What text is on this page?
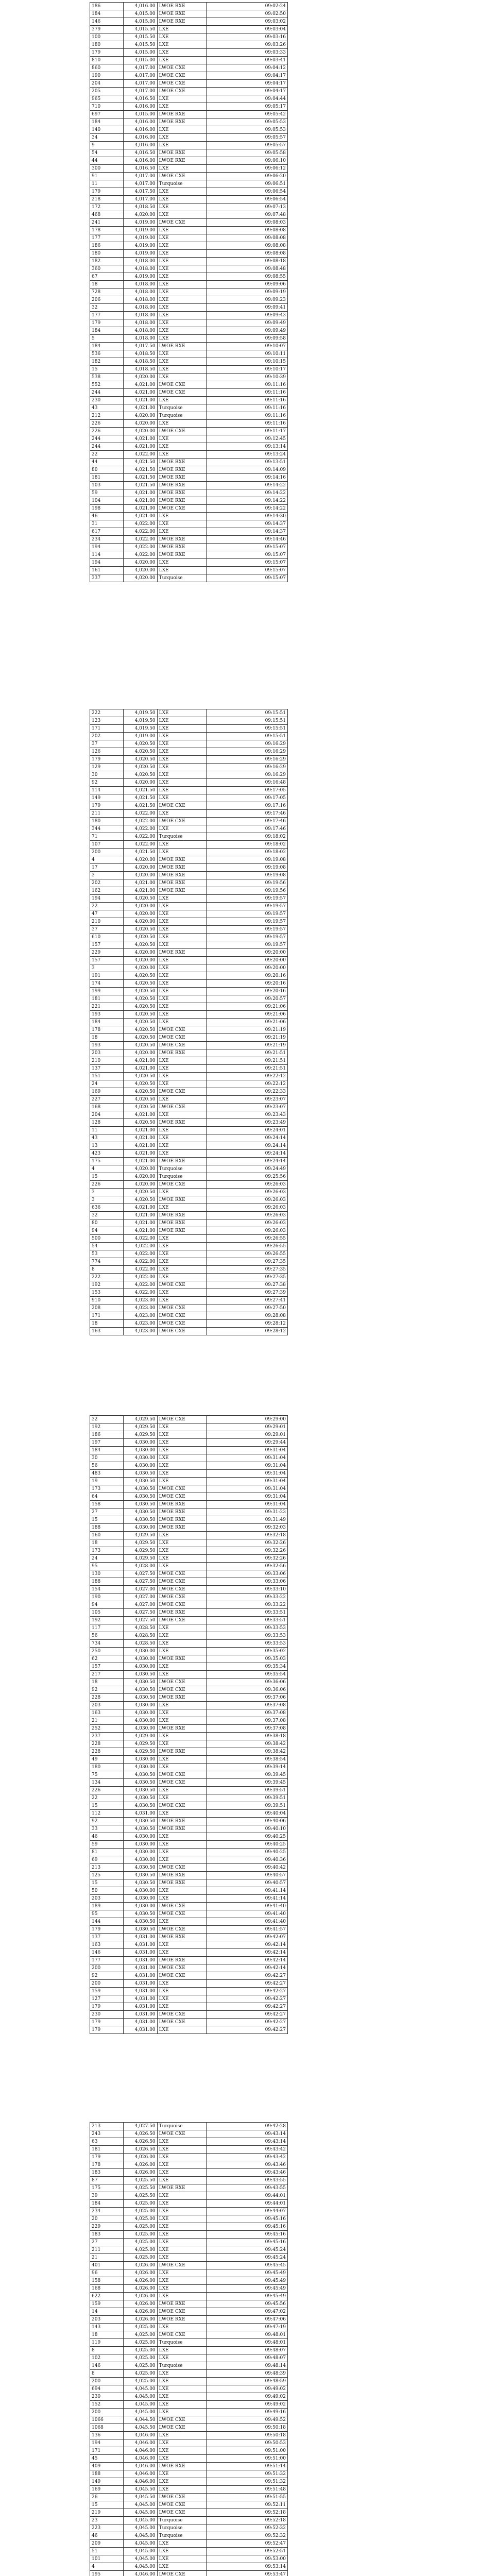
186	4,016.00	LWOE RXE	09:02:24
184	4,015.00	LWOE RXE	09:02:50
146	4,015.00	LWOE RXE	09:03:02
379	4,015.50	LXE	09:03:04
100	4,015.50	LXE	09:03:16
180	4,015.50	LXE	09:03:26
179	4,015.00	LXE	09:03:33
810	4,015.00	LXE	09:03:41
860	4,017.00	LWOE CXE	09:04:12
190	4,017.00	LWOE CXE	09:04:17
204	4,017.00	LWOE CXE	09:04:17
205	4,017.00	LWOE CXE	09:04:17
965	4,016.50	LXE	09:04:44
710	4,016.00	LXE	09:05:17
697	4,015.00	LWOE RXE	09:05:42
184	4,016.00	LWOE RXE	09:05:53
140	4,016.00	LXE	09:05:53
34	4,016.00	LXE	09:05:57
9	4,016.00	LXE	09:05:57
54	4,016.50	LWOE RXE	09:05:58
44	4,016.00	LWOE RXE	09:06:10
300	4,016.50	LXE	09:06:12
91	4,017.00	LWOE CXE	09:06:20
11	4,017.00	Turquoise	09:06:51
179	4,017.50	LXE	09:06:54
218	4,017.00	LXE	09:06:54
172	4,018.50	LXE	09:07:13
468	4,020.00	LXE	09:07:48
241	4,019.00	LWOE CXE	09:08:03
178	4,019.00	LXE	09:08:08
177	4,019.00	LXE	09:08:08
186	4,019.00	LXE	09:08:08
180	4,019.00	LXE	09:08:08
182	4,018.00	LXE	09:08:18
360	4,018.00	LXE	09:08:48
67	4,019.00	LXE	09:08:55
18	4,018.00	LXE	09:09:06
728	4,018.00	LXE	09:09:19
206	4,018.00	LXE	09:09:23
32	4,018.00	LXE	09:09:41
177	4,018.00	LXE	09:09:43
179	4,018.00	LXE	09:09:49
184	4,018.00	LXE	09:09:49
5	4,018.00	LXE	09:09:58
184	4,017.50	LWOE RXE	09:10:07
536	4,018.50	LXE	09:10:11
182	4,018.50	LXE	09:10:15
15	4,018.50	LXE	09:10:17
538	4,020.00	LXE	09:10:39
552	4,021.00	LWOE CXE	09:11:16
244	4,021.00	LWOE CXE	09:11:16
230	4,021.00	LXE	09:11:16
43	4,021.00	Turquoise	09:11:16
212	4,020.00	Turquoise	09:11:16
226	4,020.00	LXE	09:11:16
226	4,020.00	LWOE CXE	09:11:17
244	4,021.00	LXE	09:12:45
244	4,021.00	LXE	09:13:14
22	4,022.00	LXE	09:13:24
44	4,021.50	LWOE RXE	09:13:51
80	4,021.50	LWOE RXE	09:14:09
181	4,021.50	LWOE RXE	09:14:16
103	4,021.50	LWOE RXE	09:14:22
59	4,021.00	LWOE RXE	09:14:22
104	4,021.00	LWOE RXE	09:14:22
198	4,021.00	LWOE CXE	09:14:22
46	4,021.00	LXE	09:14:30
31	4,022.00	LXE	09:14:37
617	4,022.00	LXE	09:14:37
234	4,022.00	LWOE RXE	09:14:46
194	4,022.00	LWOE RXE	09:15:07
114	4,022.00	LWOE RXE	09:15:07
194	4,020.00	LXE	09:15:07
161	4,020.00	LXE	09:15:07
337	4,020.00	Turquoise	09:15:07
222	4,019.50	LXE	09:15:51
123	4,019.50	LXE	09:15:51
171	4,019.50	LXE	09:15:51
202	4,019.00	LXE	09:15:51
37	4,020.50	LXE	09:16:29
126	4,020.50	LXE	09:16:29
179	4,020.50	LXE	09:16:29
129	4,020.50	LXE	09:16:29
30	4,020.50	LXE	09:16:29
92	4,020.00	LXE	09:16:48
114	4,021.50	LXE	09:17:05
149	4,021.50	LXE	09:17:05
179	4,021.50	LWOE CXE	09:17:16
211	4,022.00	LXE	09:17:46
180	4,022.00	LWOE CXE	09:17:46
344	4,022.00	LXE	09:17:46
71	4,022.00	Turquoise	09:18:02
107	4,022.00	LXE	09:18:02
200	4,021.50	LXE	09:18:02
4	4,020.00	LWOE RXE	09:19:08
17	4,020.00	LWOE RXE	09:19:08
3	4,020.00	LWOE RXE	09:19:08
202	4,021.00	LWOE RXE	09:19:56
162	4,021.00	LWOE RXE	09:19:56
194	4,020.50	LXE	09:19:57
22	4,020.00	LXE	09:19:57
47	4,020.00	LXE	09:19:57
210	4,020.00	LXE	09:19:57
37	4,020.50	LXE	09:19:57
610	4,020.50	LXE	09:19:57
157	4,020.50	LXE	09:19:57
229	4,020.00	LWOE RXE	09:20:00
157	4,020.00	LXE	09:20:00
3	4,020.00	LXE	09:20:00
191	4,020.50	LXE	09:20:16
174	4,020.50	LXE	09:20:16
199	4,020.50	LXE	09:20:16
181	4,020.50	LXE	09:20:57
221	4,020.50	LXE	09:21:06
193	4,020.50	LXE	09:21:06
184	4,020.50	LXE	09:21:06
178	4,020.50	LWOE CXE	09:21:19
18	4,020.50	LWOE CXE	09:21:19
193	4,020.50	LWOE CXE	09:21:19
203	4,020.00	LWOE RXE	09:21:51
210	4,021.00	LXE	09:21:51
137	4,021.00	LXE	09:21:51
151	4,020.50	LXE	09:22:12
24	4,020.50	LXE	09:22:12
169	4,020.50	LWOE CXE	09:22:33
227	4,020.50	LXE	09:23:07
168	4,020.50	LWOE CXE	09:23:07
204	4,021.00	LXE	09:23:43
128	4,020.50	LWOE RXE	09:23:49
11	4,021.00	LXE	09:24:01
43	4,021.00	LXE	09:24:14
13	4,021.00	LXE	09:24:14
423	4,021.00	LXE	09:24:14
175	4,021.00	LWOE RXE	09:24:14
4	4,020.00	Turquoise	09:24:49
15	4,020.00	Turquoise	09:25:56
226	4,020.00	LWOE CXE	09:26:03
3	4,020.50	LXE	09:26:03
3	4,020.50	LWOE RXE	09:26:03
636	4,021.00	LXE	09:26:03
32	4,021.00	LWOE RXE	09:26:03
80	4,021.00	LWOE RXE	09:26:03
94	4,021.00	LWOE RXE	09:26:03
500	4,022.00	LXE	09:26:55
54	4,022.00	LXE	09:26:55
53	4,022.00	LXE	09:26:55
774	4,022.00	LXE	09:27:35
8	4,022.00	LXE	09:27:35
222	4,022.00	LXE	09:27:35
192	4,022.00	LWOE CXE	09:27:38
153	4,022.00	LXE	09:27:39
910	4,023.00	LXE	09:27:41
208	4,023.00	LWOE CXE	09:27:50
171	4,023.00	LWOE CXE	09:28:08
18	4,023.00	LWOE CXE	09:28:12
163	4,023.00	LWOE CXE	09:28:12
32	4,029.50	LWOE CXE	09:29:00
192	4,029.50	LXE	09:29:01
186	4,029.50	LXE	09:29:01
197	4,030.00	LXE	09:29:44
184	4,030.00	LXE	09:31:04
30	4,030.00	LXE	09:31:04
56	4,030.00	LXE	09:31:04
483	4,030.50	LXE	09:31:04
19	4,030.50	LXE	09:31:04
173	4,030.50	LWOE CXE	09:31:04
64	4,030.50	LWOE CXE	09:31:04
158	4,030.50	LWOE RXE	09:31:04
27	4,030.50	LWOE RXE	09:31:23
15	4,030.50	LWOE RXE	09:31:49
188	4,030.00	LWOE RXE	09:32:03
160	4,029.50	LXE	09:32:18
18	4,029.50	LXE	09:32:26
173	4,029.50	LXE	09:32:26
24	4,029.50	LXE	09:32:26
95	4,028.00	LXE	09:32:56
130	4,027.50	LWOE CXE	09:33:06
188	4,027.50	LWOE CXE	09:33:06
154	4,027.00	LWOE CXE	09:33:10
190	4,027.00	LWOE CXE	09:33:22
94	4,027.00	LWOE CXE	09:33:22
105	4,027.50	LWOE RXE	09:33:51
192	4,027.50	LWOE CXE	09:33:51
117	4,028.50	LXE	09:33:53
56	4,028.50	LXE	09:33:53
734	4,028.50	LXE	09:33:53
250	4,030.00	LXE	09:35:02
62	4,030.00	LWOE RXE	09:35:03
157	4,030.00	LXE	09:35:34
217	4,030.50	LXE	09:35:54
18	4,030.50	LWOE CXE	09:36:06
92	4,030.50	LWOE CXE	09:36:06
228	4,030.50	LWOE RXE	09:37:06
203	4,030.00	LXE	09:37:08
163	4,030.00	LXE	09:37:08
21	4,030.00	LXE	09:37:08
252	4,030.00	LWOE RXE	09:37:08
237	4,029.00	LXE	09:38:18
228	4,029.50	LXE	09:38:42
228	4,029.50	LWOE RXE	09:38:42
49	4,030.00	LXE	09:38:54
180	4,030.00	LXE	09:39:14
75	4,030.50	LWOE CXE	09:39:45
134	4,030.50	LWOE CXE	09:39:45
226	4,030.50	LXE	09:39:51
22	4,030.50	LXE	09:39:51
15	4,030.50	LWOE CXE	09:39:51
112	4,031.00	LXE	09:40:04
92	4,030.50	LWOE RXE	09:40:06
33	4,030.50	LWOE RXE	09:40:10
46	4,030.00	LXE	09:40:25
59	4,030.00	LXE	09:40:25
81	4,030.00	LXE	09:40:25
69	4,030.00	LXE	09:40:36
213	4,030.50	LWOE CXE	09:40:42
125	4,030.50	LWOE RXE	09:40:57
15	4,030.50	LWOE RXE	09:40:57
50	4,030.00	LXE	09:41:14
203	4,030.00	LXE	09:41:14
189	4,030.00	LWOE CXE	09:41:40
95	4,030.50	LWOE CXE	09:41:40
144	4,030.50	LXE	09:41:40
179	4,030.50	LWOE CXE	09:41:57
137	4,031.00	LWOE RXE	09:42:07
163	4,031.00	LXE	09:42:14
146	4,031.00	LXE	09:42:14
177	4,031.00	LWOE RXE	09:42:14
200	4,031.00	LWOE CXE	09:42:14
92	4,031.00	LWOE CXE	09:42:27
200	4,031.00	LXE	09:42:27
159	4,031.00	LXE	09:42:27
127	4,031.00	LXE	09:42:27
179	4,031.00	LXE	09:42:27
230	4,031.00	LWOE CXE	09:42:27
179	4,031.00	LWOE CXE	09:42:27
179	4,031.00	LXE	09:42:27
213	4,027.50	Turquoise	09:42:28
243	4,026.50	LWOE CXE	09:43:14
63	4,026.50	LXE	09:43:14
181	4,026.50	LXE	09:43:42
179	4,026.00	LXE	09:43:42
178	4,026.00	LXE	09:43:46
183	4,026.00	LXE	09:43:46
87	4,025.50	LXE	09:43:55
175	4,025.50	LWOE RXE	09:43:55
39	4,025.50	LXE	09:44:01
184	4,025.00	LXE	09:44:01
234	4,025.00	LXE	09:44:07
20	4,025.00	LXE	09:45:16
229	4,025.00	LXE	09:45:16
183	4,025.00	LXE	09:45:16
27	4,025.00	LXE	09:45:16
211	4,025.00	LXE	09:45:24
21	4,025.00	LXE	09:45:24
401	4,026.00	LWOE CXE	09:45:45
96	4,026.00	LXE	09:45:49
158	4,026.00	LXE	09:45:49
168	4,026.00	LXE	09:45:49
622	4,026.00	LXE	09:45:49
159	4,026.00	LWOE RXE	09:45:56
14	4,026.00	LWOE CXE	09:47:02
203	4,026.00	LWOE RXE	09:47:06
143	4,025.00	LXE	09:47:19
18	4,025.00	LWOE CXE	09:48:01
119	4,025.00	Turquoise	09:48:01
8	4,025.00	LXE	09:48:07
102	4,025.00	LXE	09:48:07
146	4,025.00	Turquoise	09:48:14
8	4,025.00	LXE	09:48:39
200	4,025.00	LXE	09:48:59
694	4,045.00	LXE	09:49:02
230	4,045.00	LXE	09:49:02
152	4,045.00	LXE	09:49:02
200	4,045.00	LXE	09:49:16
1066	4,044.50	LWOE CXE	09:49:52
1068	4,045.50	LWOE CXE	09:50:18
136	4,046.00	LXE	09:50:18
194	4,046.00	LXE	09:50:53
171	4,046.00	LXE	09:51:00
45	4,046.00	LXE	09:51:00
409	4,046.00	LWOE RXE	09:51:14
188	4,046.00	LXE	09:51:32
149	4,046.00	LXE	09:51:32
169	4,045.50	LXE	09:51:48
26	4,045.50	LWOE CXE	09:51:55
15	4,045.00	LWOE CXE	09:52:11
219	4,045.00	LWOE CXE	09:52:18
23	4,045.00	Turquoise	09:52:18
223	4,045.00	Turquoise	09:52:32
46	4,045.00	Turquoise	09:52:32
209	4,045.00	LXE	09:52:47
51	4,045.00	LXE	09:52:51
101	4,045.00	LXE	09:53:00
4	4,045.00	LXE	09:53:14
195	4,046.00	LWOE CXE	09:53:47
